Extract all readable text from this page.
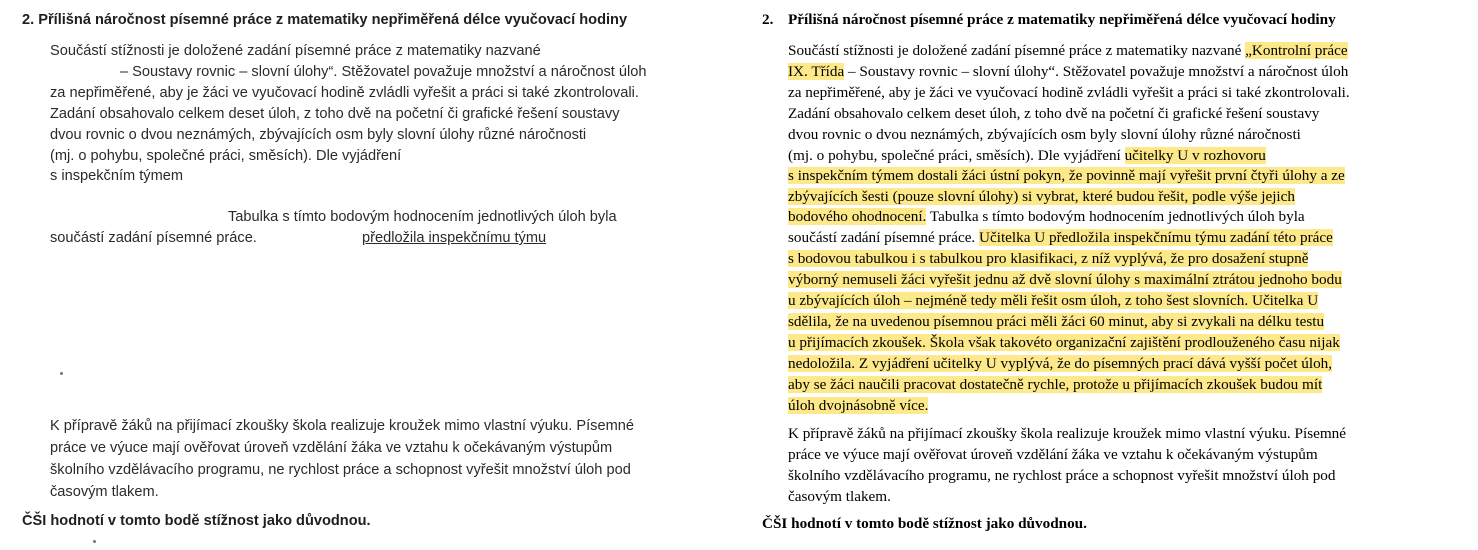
2. Přílišná náročnost písemné práce z matematiky nepřiměřená délce vyučovací hodiny
Součástí stížnosti je doložené zadání písemné práce z matematiky nazvané
– Soustavy rovnic – slovní úlohy“. Stěžovatel považuje množství a náročnost úloh
za nepřiměřené, aby je žáci ve vyučovací hodině zvládli vyřešit a práci si také zkontrolovali.
Zadání obsahovalo celkem deset úloh, z toho dvě na početní či grafické řešení soustavy
dvou rovnic o dvou neznámých, zbývajících osm byly slovní úlohy různé náročnosti
(mj. o pohybu, společné práci, směsích). Dle vyjádření
s inspekčním týmem
Tabulka s tímto bodovým hodnocením jednotlivých úloh byla
součástí zadání písemné práce.	předložila inspekčnímu týmu
K přípravě žáků na přijímací zkoušky škola realizuje kroužek mimo vlastní výuku. Písemné
práce ve výuce mají ověřovat úroveň vzdělání žáka ve vztahu k očekávaným výstupům
školního vzdělávacího programu, ne rychlost práce a schopnost vyřešit množství úloh pod
časovým tlakem.
ČŠI hodnotí v tomto bodě stížnost jako důvodnou.
2. Přílišná náročnost písemné práce z matematiky nepřiměřená délce vyučovací hodiny
Součástí stížnosti je doložené zadání písemné práce z matematiky nazvané „Kontrolní práce
IX. Třída – Soustavy rovnic – slovní úlohy“. Stěžovatel považuje množství a náročnost úloh
za nepřiměřené, aby je žáci ve vyučovací hodině zvládli vyřešit a práci si také zkontrolovali.
Zadání obsahovalo celkem deset úloh, z toho dvě na početní či grafické řešení soustavy
dvou rovnic o dvou neznámých, zbývajících osm byly slovní úlohy různé náročnosti
(mj. o pohybu, společné práci, směsích). Dle vyjádření učitelky U v rozhovoru
s inspekčním týmem dostali žáci ústní pokyn, že povinně mají vyřešit první čtyři úlohy a ze
zbývajících šesti (pouze slovní úlohy) si vybrat, které budou řešit, podle výše jejich
bodového ohodnocení. Tabulka s tímto bodovým hodnocením jednotlivých úloh byla
součástí zadání písemné práce. Učitelka U předložila inspekčnímu týmu zadání této práce
s bodovou tabulkou i s tabulkou pro klasifikaci, z níž vyplývá, že pro dosažení stupně
výborný nemuseli žáci vyřešit jednu až dvě slovní úlohy s maximální ztrátou jednoho bodu
u zbývajících úloh – nejméně tedy měli řešit osm úloh, z toho šest slovních. Učitelka U
sdělila, že na uvedenou písemnou práci měli žáci 60 minut, aby si zvykali na délku testu
u přijímacích zkoušek. Škola však takovéto organizační zajištění prodlouženého času nijak
nedoložila. Z vyjádření učitelky U vyplývá, že do písemných prací dává vyšší počet úloh,
aby se žáci naučili pracovat dostatečně rychle, protože u přijímacích zkoušek budou mít
úloh dvojnásobně více.
K přípravě žáků na přijímací zkoušky škola realizuje kroužek mimo vlastní výuku. Písemné
práce ve výuce mají ověřovat úroveň vzdělání žáka ve vztahu k očekávaným výstupům
školního vzdělávacího programu, ne rychlost práce a schopnost vyřešit množství úloh pod
časovým tlakem.
ČŠI hodnotí v tomto bodě stížnost jako důvodnou.
